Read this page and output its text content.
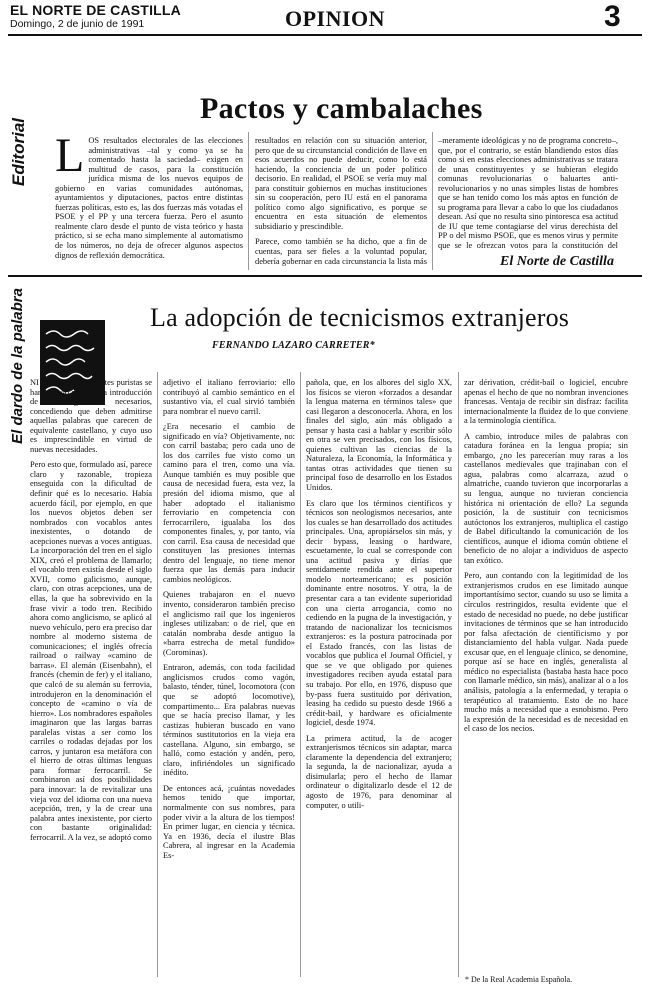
EL NORTE DE CASTILLA
Domingo, 2 de junio de 1991	OPINION	3
Editorial
Pactos y cambalaches
L OS resultados electorales de las elecciones administrativas –tal y como ya se ha comentado hasta la saciedad– exigen en multitud de casos, para la constitución jurídica misma de los nuevos equipos de gobierno en varias comunidades autónomas, ayuntamientos y diputaciones, pactos entre distintas fuerzas políticas, esto es, las dos fuerzas más votadas el PSOE y el PP y una tercera fuerza. Pero el asunto realmente claro desde el punto de vista teórico y hasta práctico, si se echa mano simplemente al automatismo de los números, no deja de ofrecer algunos aspectos dignos de reflexión democrática.

resultados en relación con su situación anterior, pero que de su circunstancial condición de llave en esos acuerdos no puede deducir, como lo está haciendo, la conciencia de un poder político decisorio. En realidad, el PSOE se vería muy mal para constituir gobiernos en muchas instituciones sin su cooperación, pero IU está en el panorama político como algo significativo, es porque se encuentra en esta situación de elementos subsidiario y prescindible.

Parece, como también se ha dicho, que a fin de cuentas, para ser fieles a la voluntad popular, debería gobernar en cada circunstancia la lista más

–meramente ideológicas y no de programa concreto–, que, por el contrario, se están blandiendo estos días como si en estas elecciones administrativas se tratara de unas constituyentes y se hubieran elegido comunas revolucionarias o baluartes anti-revolucionarios y no unas simples listas de hombres que se han tenido como los más aptos en función de su programa para llevar a cabo lo que los ciudadanos desean. Así que no resulta sino pintoresca esa actitud de IU que teme contagiarse del virus derechista del PP o del mismo PSOE, que es menos virus y permite que se le ofrezcan votos para la constitución del

El Norte de Castilla
El dardo de la palabra	La adopción de tecnicismos extranjeros
FERNANDO LAZARO CARRETER*

NI los más recalcitrantes puristas se han negado nunca a la introducción de neologismos necesarios, concediendo que deben admitirse aquellas palabras que carecen de equivalente castellano, y cuyo uso es imprescindible en virtud de nuevas necesidades.

Pero esto que, formulado así, parece claro y razonable, tropieza enseguida con la dificultad de definir qué es lo necesario. Había acuerdo fácil, por ejemplo, en que los nuevos objetos deben ser nombrados con vocablos antes inexistentes, o dotando de acepciones nuevas a voces antiguas. La incorporación del tren en el siglo XIX, creó el problema de llamarlo; el vocablo tren existía desde el siglo XVII, como galicismo, aunque, claro, con otras acepciones, una de ellas, la que ha sobrevivido en la frase vivir a todo tren. Recibido ahora como anglicismo, se aplicó al nuevo vehículo, pero era preciso dar nombre al moderno sistema de comunicaciones; el inglés ofrecía railroad o railway «camino de barras». El alemán (Eisenbahn), el francés (chemin de fer) y el italiano, que calcó de su alemán su ferrovia, introdujeron en la denominación el concepto de «camino o vía de hierro». Los nombradores españoles imaginaron que las largas barras paralelas vistas a ser como los carriles o rodadas dejadas por los carros, y juntaron esa metáfora con el hierro de otras últimas lenguas para formar ferrocarril. Se combinaron así dos posibilidades para innovar: la de revitalizar una vieja voz del idioma con una nueva acepción, tren, y la de crear una palabra antes inexistente, por cierto con bastante originalidad: ferrocarril. A la vez, se adoptó como

adjetivo el italiano ferroviario: ello contribuyó al cambio semántico en el sustantivo vía, el cual sirvió también para nombrar el nuevo carril.

¿Era necesario el cambio de significado en vía? Objetivamente, no: con carril bastaba; pero cada uno de los dos carriles fue visto como un camino para el tren, como una vía. Aunque también es muy posible que causa de necesidad fuera, esta vez, la presión del idioma mismo, que al haber adoptado el italianismo ferroviario en competencia con ferrocarrilero, igualaba los dos componentes finales, y, por tanto, vía con carril. Esa causa de necesidad que constituyen las presiones internas dentro del lenguaje, no tiene menor fuerza que las demás para inducir cambios neológicos.

Quienes trabajaron en el nuevo invento, consideraron también preciso el anglicismo rail que los ingenieros ingleses utilizaban: o de riel, que en catalán nombraba desde antiguo la «barra estrecha de metal fundido» (Corominas).

Entraron, además, con toda facilidad anglicismos crudos como vagón, balasto, ténder, túnel, locomotora (con que se adoptó locomotive), compartimento... Era palabras nuevas que se hacía preciso llamar, y les castizas hubieran buscado en vano términos sustitutorios en la vieja era castellana. Alguno, sin embargo, se halló, como estación y andén, pero, claro, infiriéndoles un significado inédito.

De entonces acá, ¡cuántas novedades hemos tenido que importar, normalmente con sus nombres, para poder vivir a la altura de los tiempos! En primer lugar, en ciencia y técnica. Ya en 1936, decía el ilustre Blas Cabrera, al ingresar en la Academia Es-

pañola, que, en los albores del siglo XX, los físicos se vieron «forzados a desandar la lengua materna en términos tales» que casi llegaron a desconocerla. Ahora, en los finales del siglo, aún más obligado a pensar y hasta casi a hablar y escribir sólo en otra se ven precisados, con los físicos, quienes cultivan las ciencias de la Naturaleza, la Economía, la Informática y tantas otras actividades que tienen su principal foso de desarrollo en los Estados Unidos.

Es claro que los términos científicos y técnicos son neologismos necesarios, ante los cuales se han desarrollado dos actitudes principales. Una, apropiárselos sin más, y decir bypass, leasing o hardware, escuetamente, lo cual se corresponde con una actitud pasiva y dirías que sentidamente rendida ante el superior modelo norteamericano; es posición dominante entre nosotros. Y otra, la de presentar cara a tan evidente superioridad con una cierta arrogancia, como no cediendo en la pugna de la investigación, y tratando de nacionalizar los tecnicismos extranjeros: es la postura patrocinada por el Estado francés, con las listas de vocablos que publica el Journal Officiel, y que se ve que obligado por quienes investigadores reciben ayuda estatal para su trabajo. Por ello, en 1976, dispuso que by-pass fuera sustituido por dérivation, leasing ha cedido su puesto desde 1966 a crédit-bail, y hardware es oficialmente logiciel, desde 1974.

La primera actitud, la de acoger extranjerismos técnicos sin adaptar, marca claramente la dependencia del extranjero; la segunda, la de nacionalizar, ayuda a disimularla; pero el hecho de llamar ordinateur o digitalizarlo desde el 12 de agosto de 1976, para denominar al computer, o utili-

zar dérivation, crédit-bail o logiciel, encubre apenas el hecho de que no nombran invenciones francesas. Ventaja de recibir sin disfraz: facilita internacionalmente la fluidez de lo que conviene a la terminología científica.

A cambio, introduce miles de palabras con catadura foránea en la lengua propia; sin embargo, ¿no les parecerían muy raras a los castellanos medievales que trajinaban con el agua, palabras como alcarraza, azud o almatriche, cuando tuvieron que incorporarlas a su lengua, aunque no tuvieran conciencia histórica ni orientación de ello? La segunda posición, la de sustituir con tecnicismos autóctonos los extranjeros, multiplica el castigo de Babel dificultando la comunicación de los científicos, aunque el idioma común obtiene el beneficio de no alojar a individuos de aspecto tan exótico.

Pero, aun contando con la legitimidad de los extranjerismos crudos en ese limitado aunque importantísimo sector, cuando su uso se limita a círculos restringidos, resulta evidente que el estado de necesidad no puede, no debe justificar invitaciones de términos que se han introducido por falsa afectación de científicismo y por distanciamiento del habla vulgar. Nada puede excusar que, en el lenguaje clínico, se denomine, porque así se hace en inglés, generalista al médico no especialista (bastaba hasta hace poco con llamarle médico, sin más), analizar al o a los análisis, patología a la enfermedad, y terapia o terapéutico al tratamiento. Esto de no hace mucho más a necesidad que a esnobismo. Pero la expresión de la necesidad es de necesidad en el caso de los necios.

* De la Real Academia Española.
